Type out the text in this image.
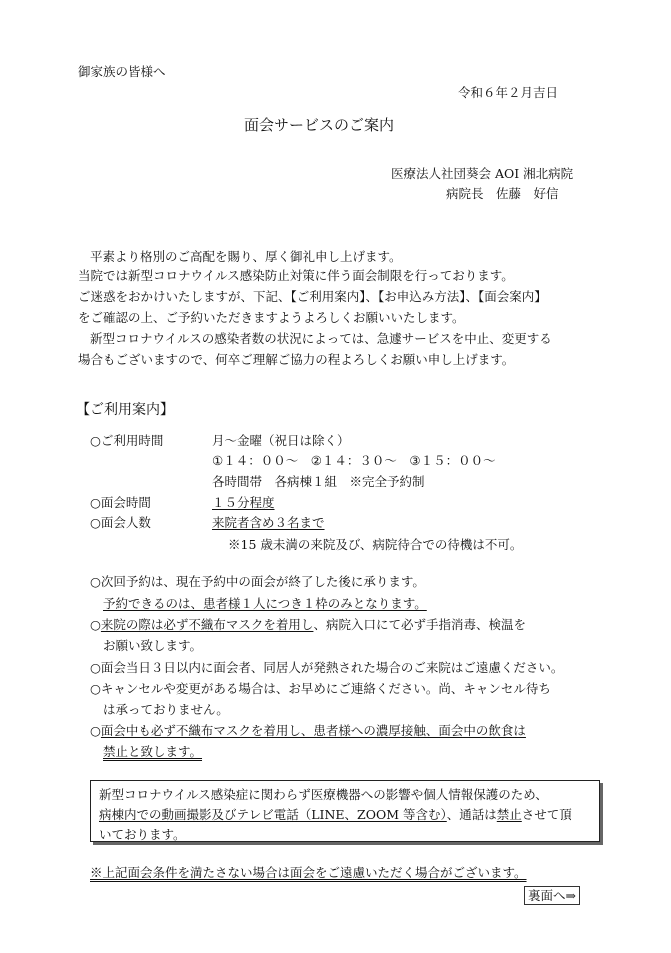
御家族の皆様へ
令和６年２月吉日
面会サービスのご案内
医療法人社団葵会 AOI 湘北病院
病院長　佐藤　好信
平素より格別のご高配を賜り、厚く御礼申し上げます。
当院では新型コロナウイルス感染防止対策に伴う面会制限を行っております。
ご迷惑をおかけいたしますが、下記、【ご利用案内】、【お申込み方法】、【面会案内】
をご確認の上、ご予約いただきますようよろしくお願いいたします。
新型コロナウイルスの感染者数の状況によっては、急遽サービスを中止、変更する
場合もございますので、何卒ご理解ご協力の程よろしくお願い申し上げます。
【ご利用案内】
○ご利用時間	月～金曜（祝日は除く）
①１４：００～　②１４：３０～　③１５：００～
各時間帯　各病棟１組　※完全予約制
○面会時間	１５分程度
○面会人数	来院者含め３名まで
※15 歳未満の来院及び、病院待合での待機は不可。
○次回予約は、現在予約中の面会が終了した後に承ります。
予約できるのは、患者様１人につき１枠のみとなります。
○来院の際は必ず不織布マスクを着用し、病院入口にて必ず手指消毒、検温を
お願い致します。
○面会当日３日以内に面会者、同居人が発熱された場合のご来院はご遠慮ください。
○キャンセルや変更がある場合は、お早めにご連絡ください。尚、キャンセル待ち
は承っておりません。
○面会中も必ず不織布マスクを着用し、患者様への濃厚接触、面会中の飲食は
禁止と致します。
新型コロナウイルス感染症に関わらず医療機器への影響や個人情報保護のため、
病棟内での動画撮影及びテレビ電話（LINE、ZOOM 等含む）、通話は禁止させて頂
いております。
※上記面会条件を満たさない場合は面会をご遠慮いただく場合がございます。
裏面へ⇒
